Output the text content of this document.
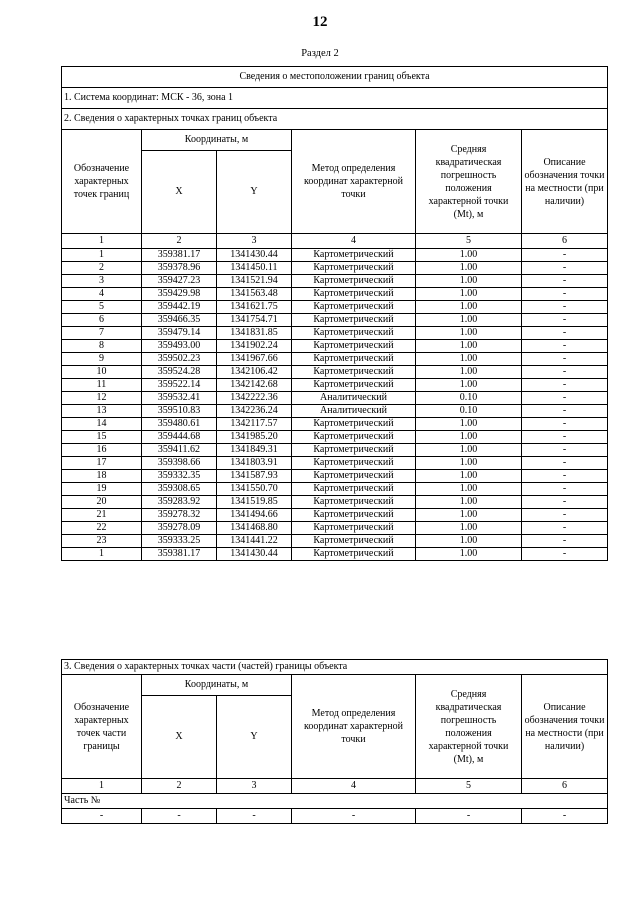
12
Раздел 2
Сведения о местоположении границ объекта					
1. Система координат: МСК - 36, зона 1					
2. Сведения о характерных точках границ объекта					
Обозначение характерных точек границ	Координаты, м		Метод определения координат характерной точки	Средняя квадратическая погрешность положения характерной точки (Mt), м	Описание обозначения точки на местности (при наличии)
	X	Y			
1	2	3	4	5	6
1	359381.17	1341430.44	Картометрический	1.00	-
2	359378.96	1341450.11	Картометрический	1.00	-
3	359427.23	1341521.94	Картометрический	1.00	-
4	359429.98	1341563.48	Картометрический	1.00	-
5	359442.19	1341621.75	Картометрический	1.00	-
6	359466.35	1341754.71	Картометрический	1.00	-
7	359479.14	1341831.85	Картометрический	1.00	-
8	359493.00	1341902.24	Картометрический	1.00	-
9	359502.23	1341967.66	Картометрический	1.00	-
10	359524.28	1342106.42	Картометрический	1.00	-
11	359522.14	1342142.68	Картометрический	1.00	-
12	359532.41	1342222.36	Аналитический	0.10	-
13	359510.83	1342236.24	Аналитический	0.10	-
14	359480.61	1342117.57	Картометрический	1.00	-
15	359444.68	1341985.20	Картометрический	1.00	-
16	359411.62	1341849.31	Картометрический	1.00	-
17	359398.66	1341803.91	Картометрический	1.00	-
18	359332.35	1341587.93	Картометрический	1.00	-
19	359308.65	1341550.70	Картометрический	1.00	-
20	359283.92	1341519.85	Картометрический	1.00	-
21	359278.32	1341494.66	Картометрический	1.00	-
22	359278.09	1341468.80	Картометрический	1.00	-
23	359333.25	1341441.22	Картометрический	1.00	-
1	359381.17	1341430.44	Картометрический	1.00	-
3. Сведения о характерных точках части (частей) границы объекта					
Обозначение характерных точек части границы	Координаты, м		Метод определения координат характерной точки	Средняя квадратическая погрешность положения характерной точки (Mt), м	Описание обозначения точки на местности (при наличии)
	X	Y			
1	2	3	4	5	6
Часть №					
-	-	-	-	-	-
